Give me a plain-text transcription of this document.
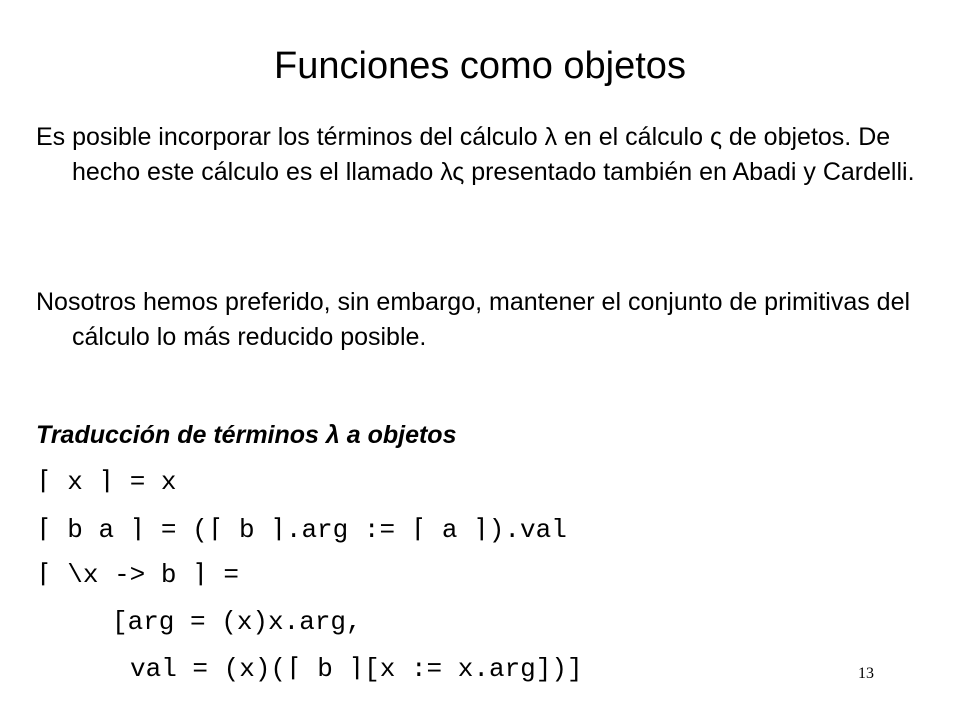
Funciones como objetos
Es posible incorporar los términos del cálculo λ en el cálculo ς de objetos. De hecho este cálculo es el llamado λς presentado también en Abadi y Cardelli.
Nosotros hemos preferido, sin embargo, mantener el conjunto de primitivas del cálculo lo más reducido posible.
Traducción de términos λ a objetos
⌈ x ⌉ = x
⌈ b a ⌉ = (⌈ b ⌉.arg := ⌈ a ⌉).val
⌈ \x -> b ⌉ =
[arg = (x)x.arg,
val = (x)(⌈ b ⌉[x := x.arg])]	13
